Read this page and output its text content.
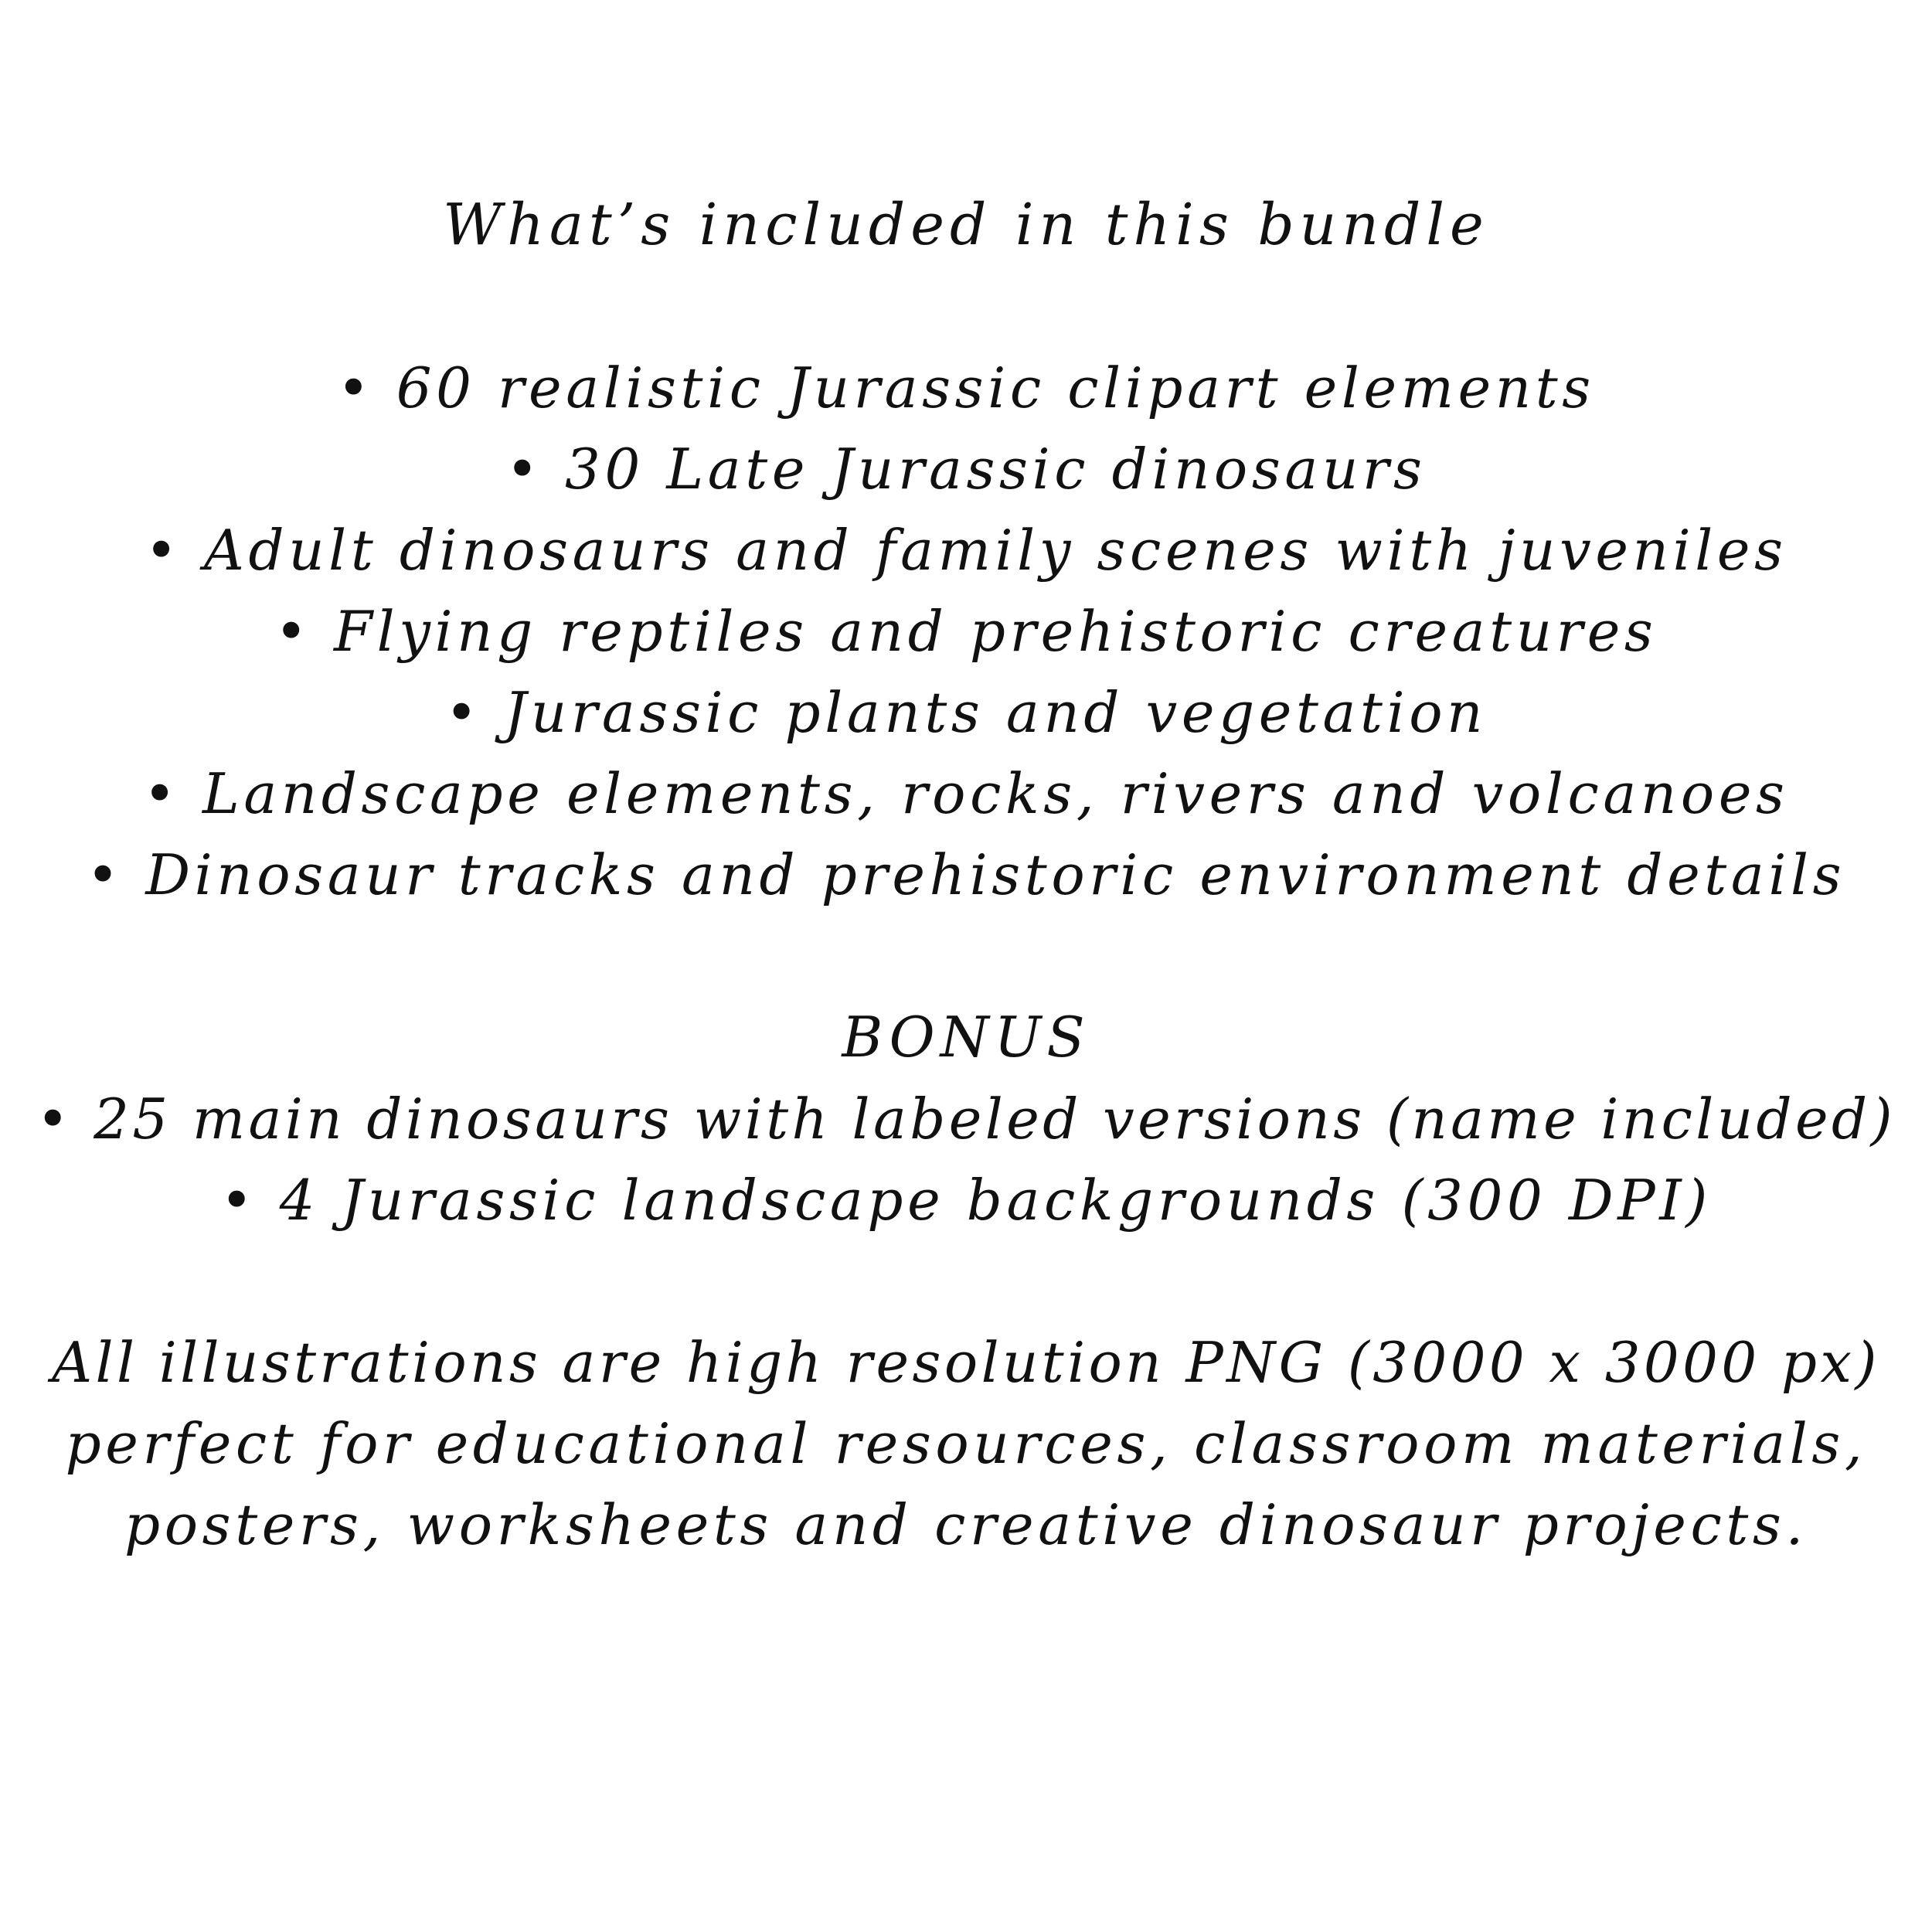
What’s included in this bundle
• 60 realistic Jurassic clipart elements
• 30 Late Jurassic dinosaurs
• Adult dinosaurs and family scenes with juveniles
• Flying reptiles and prehistoric creatures
• Jurassic plants and vegetation
• Landscape elements, rocks, rivers and volcanoes
• Dinosaur tracks and prehistoric environment details
BONUS
• 25 main dinosaurs with labeled versions (name included)
• 4 Jurassic landscape backgrounds (300 DPI)
All illustrations are high resolution PNG (3000 x 3000 px)
perfect for educational resources, classroom materials,
posters, worksheets and creative dinosaur projects.
